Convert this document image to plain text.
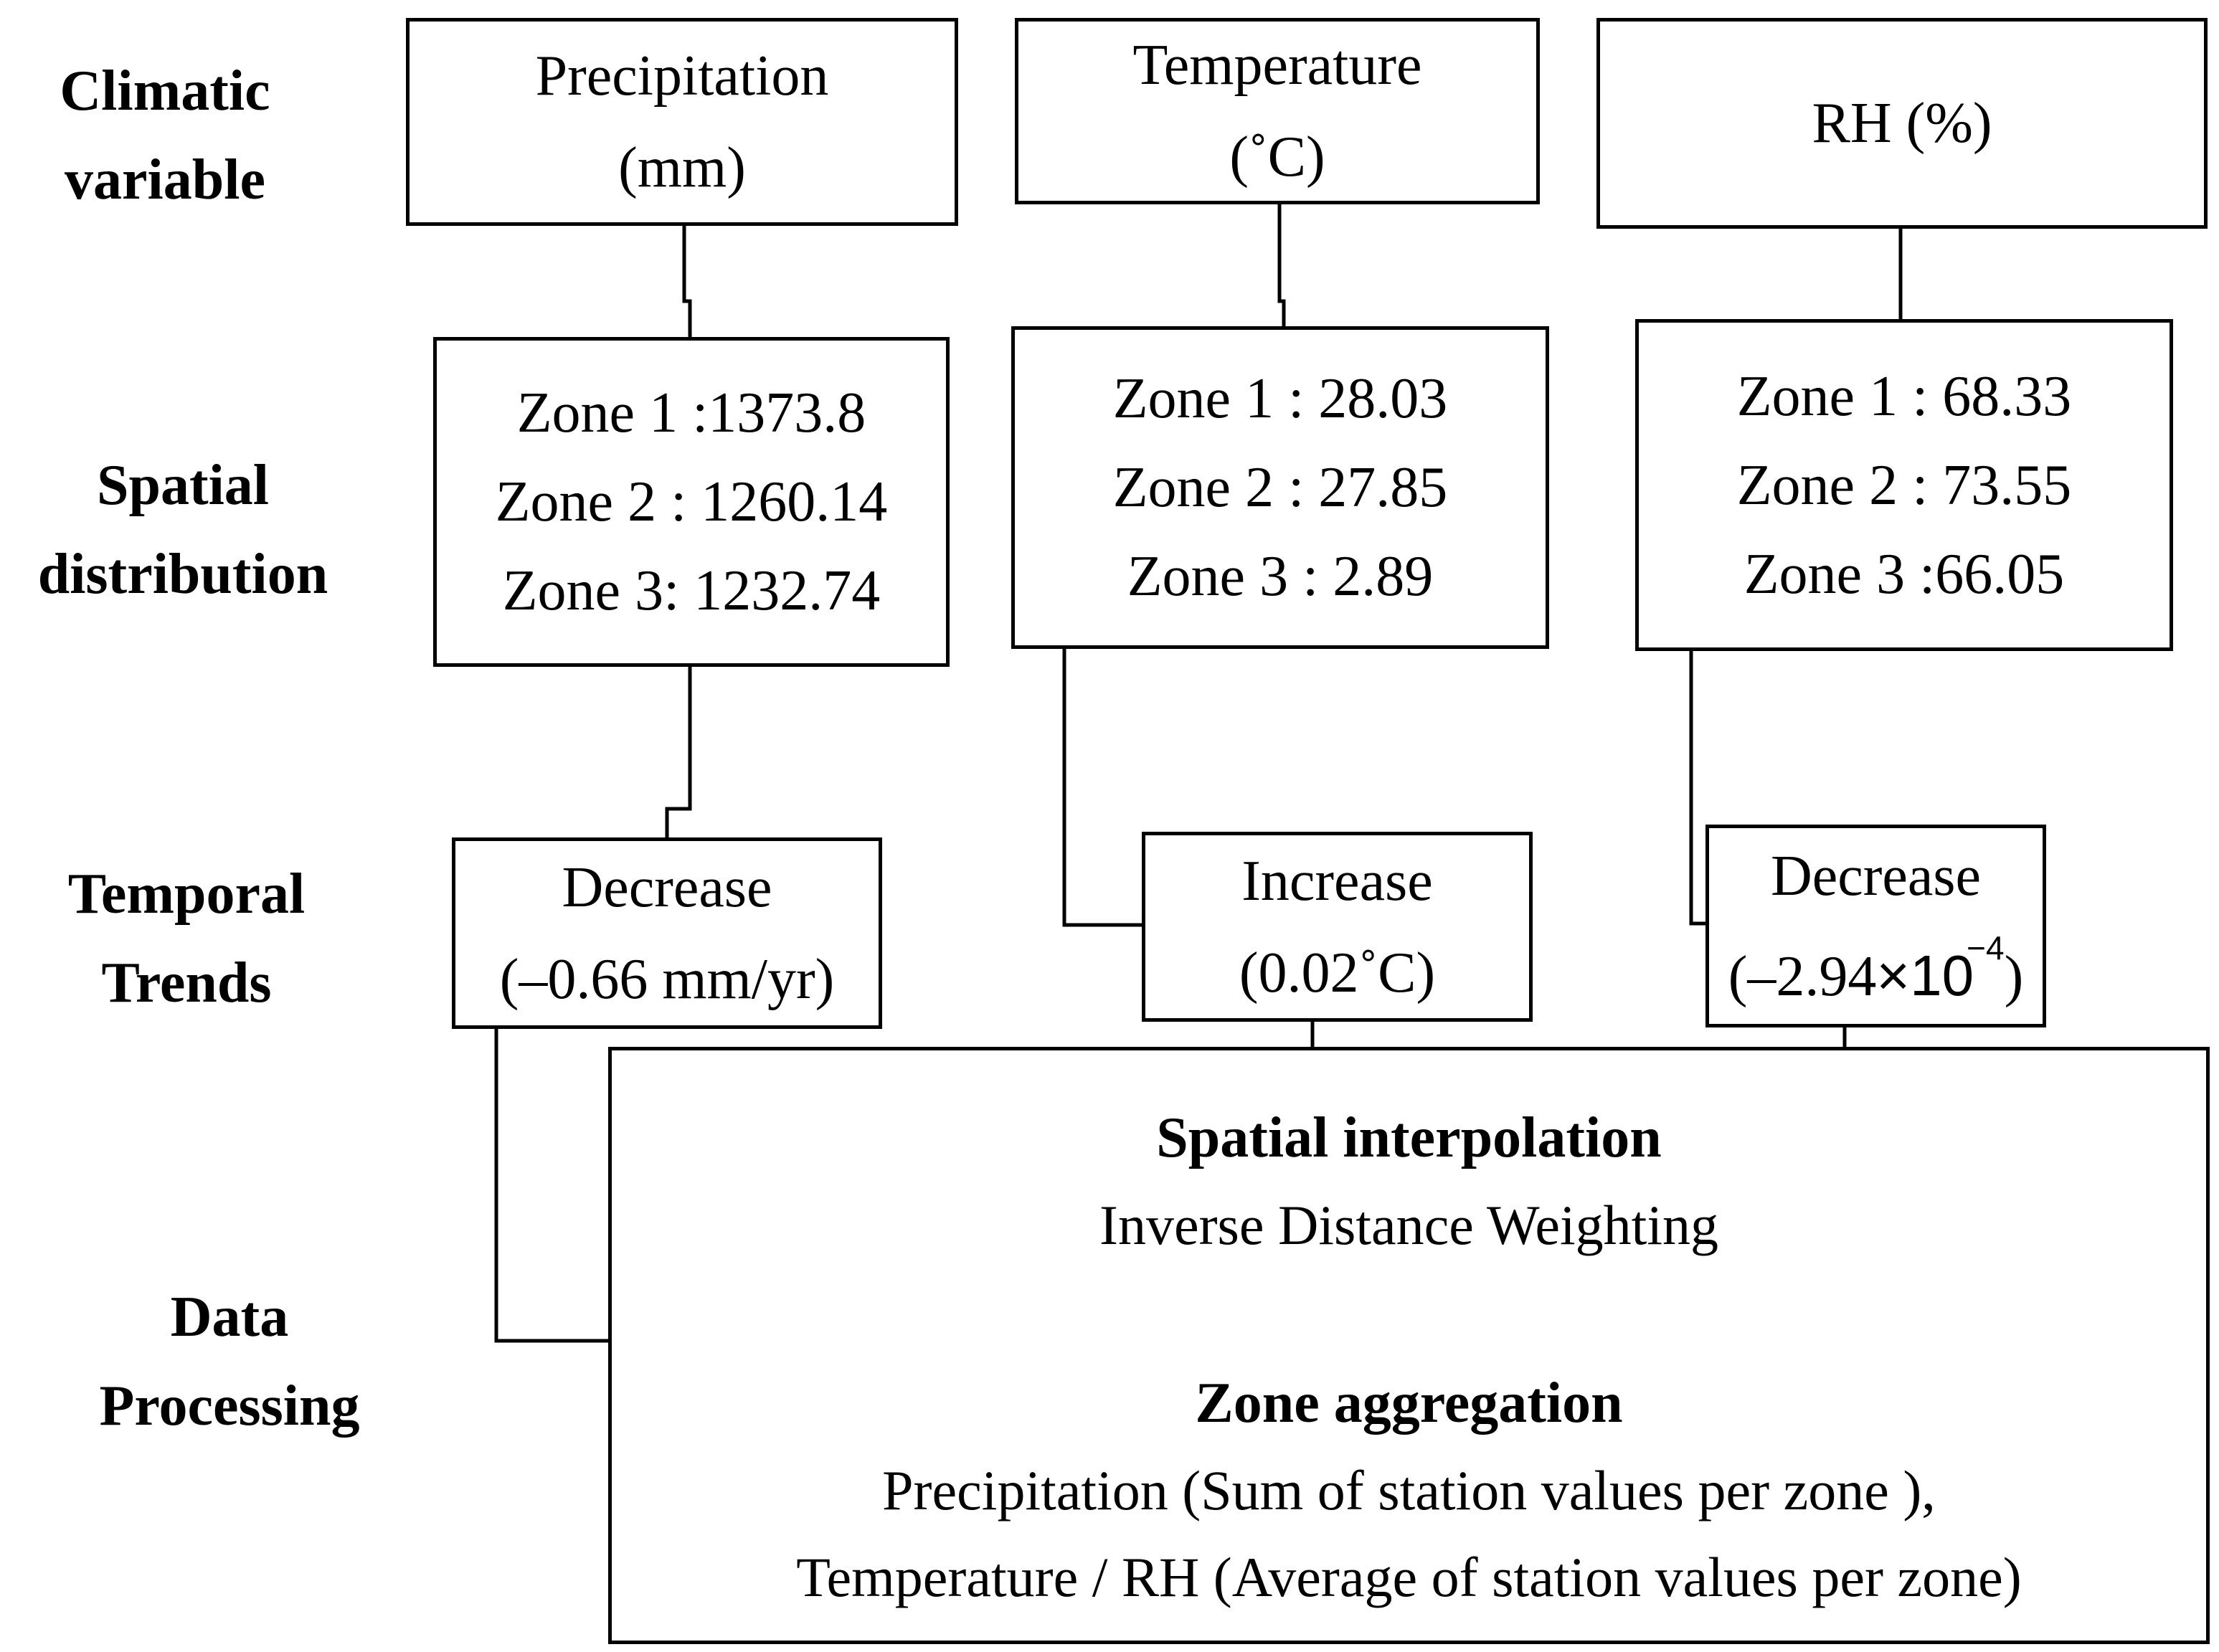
Climatic
variable
Spatial
distribution
Temporal
Trends
Data
Processing
Precipitation
(mm)
Temperature
(˚C)
RH (%)
Zone 1 :1373.8
Zone 2 : 1260.14
Zone 3: 1232.74
Zone 1 : 28.03
Zone 2 : 27.85
Zone 3 : 2.89
Zone 1 : 68.33
Zone 2 : 73.55
Zone 3 :66.05
Decrease
(–0.66 mm/yr)
Increase
(0.02˚C)
Decrease
$(-2.94\times 10^{-4})$
Spatial interpolation
Inverse Distance Weighting
Zone aggregation
Precipitation (Sum of station values per zone ),
Temperature / RH (Average of station values per zone)
